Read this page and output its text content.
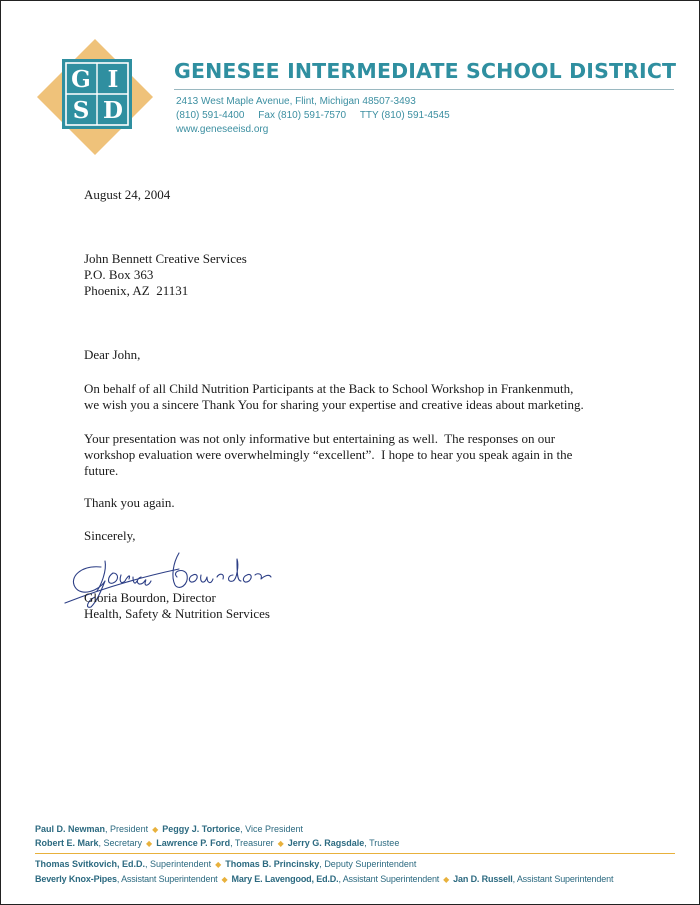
G I
S D
GENESEE INTERMEDIATE SCHOOL DISTRICT
2413 West Maple Avenue, Flint, Michigan 48507-3493
(810) 591-4400     Fax (810) 591-7570     TTY (810) 591-4545
www.geneseeisd.org
August 24, 2004
John Bennett Creative Services
P.O. Box 363
Phoenix, AZ  21131
Dear John,
On behalf of all Child Nutrition Participants at the Back to School Workshop in Frankenmuth,
we wish you a sincere Thank You for sharing your expertise and creative ideas about marketing.
Your presentation was not only informative but entertaining as well.  The responses on our
workshop evaluation were overwhelmingly “excellent”.  I hope to hear you speak again in the
future.
Thank you again.
Sincerely,
Gloria Bourdon, Director
Health, Safety & Nutrition Services
Paul D. Newman, President ◆ Peggy J. Tortorice, Vice President
Robert E. Mark, Secretary ◆ Lawrence P. Ford, Treasurer ◆ Jerry G. Ragsdale, Trustee
Thomas Svitkovich, Ed.D., Superintendent ◆ Thomas B. Princinsky, Deputy Superintendent
Beverly Knox-Pipes, Assistant Superintendent ◆ Mary E. Lavengood, Ed.D., Assistant Superintendent ◆ Jan D. Russell, Assistant Superintendent
